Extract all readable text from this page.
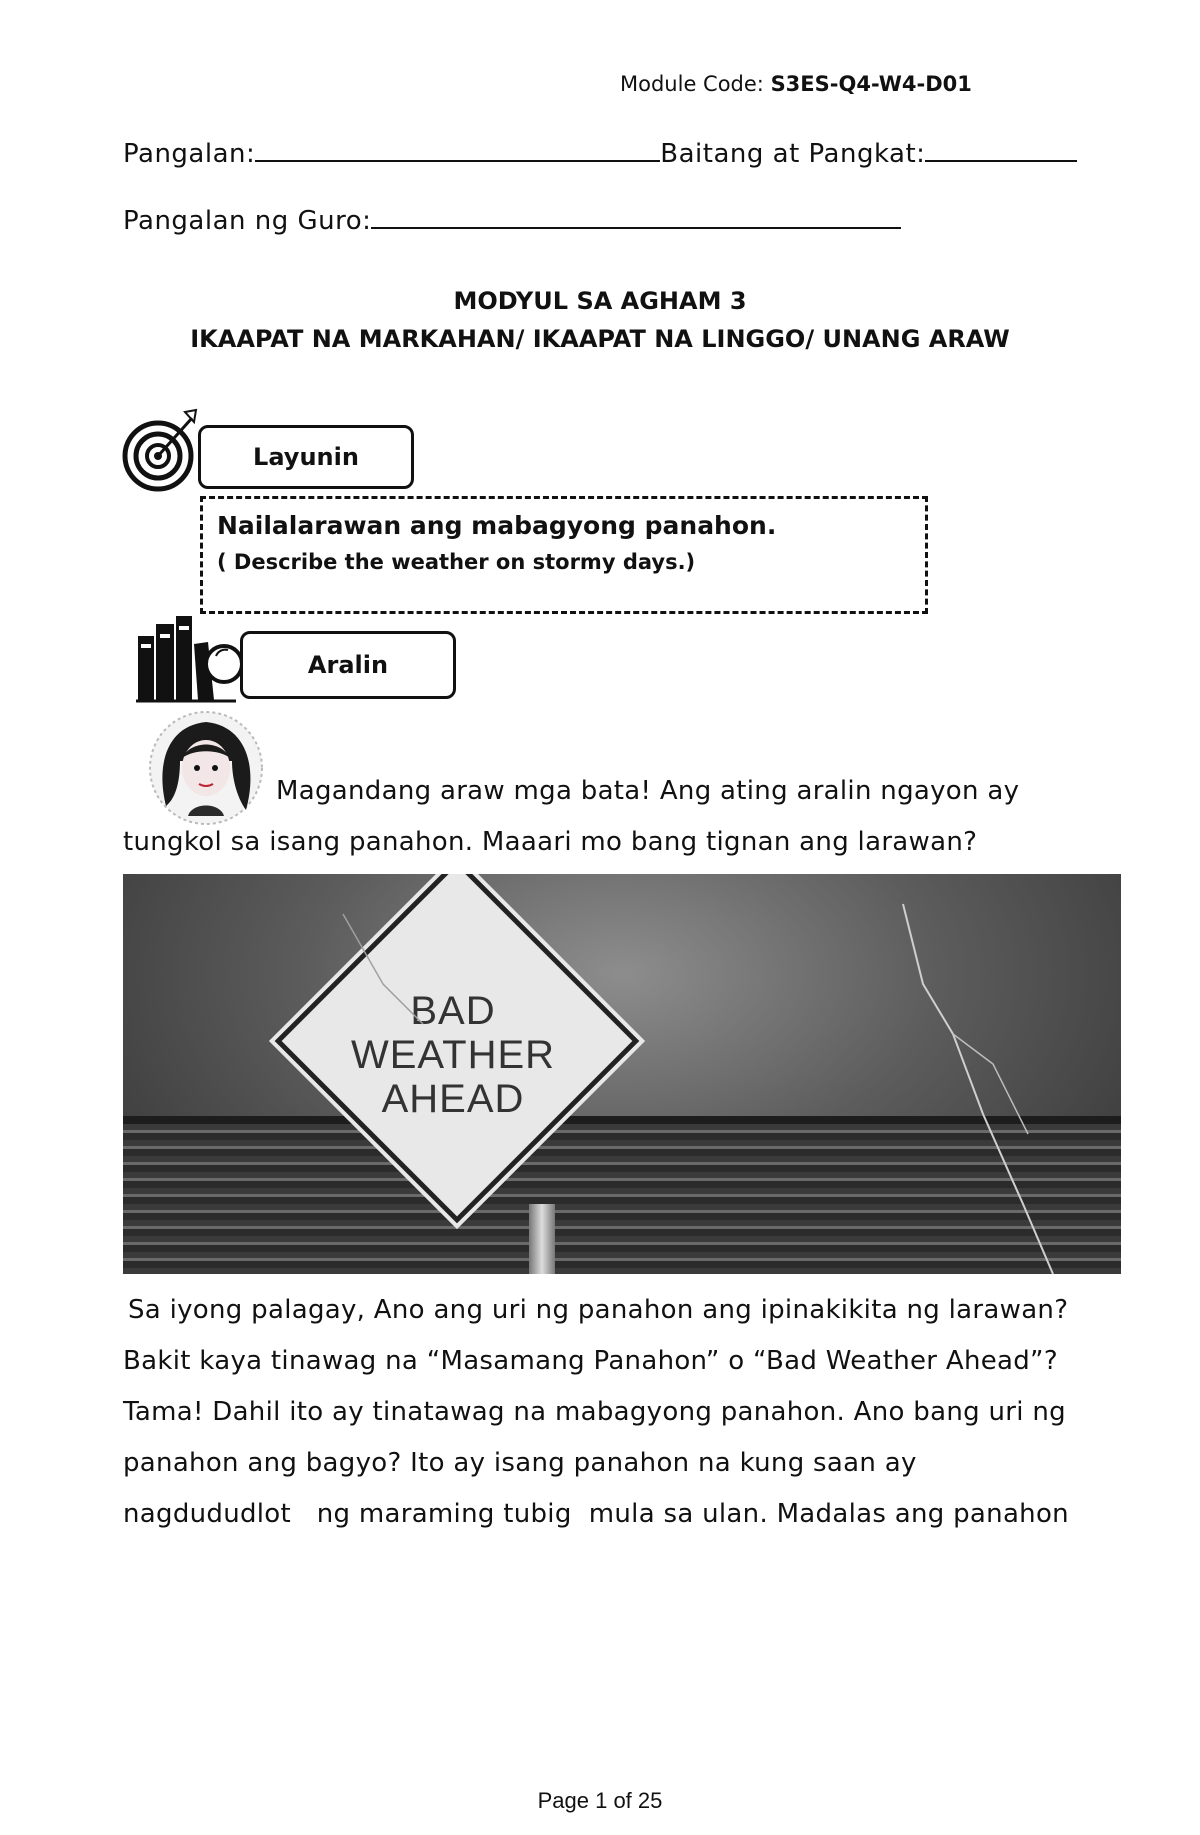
Module Code: S3ES-Q4-W4-D01
Pangalan:	Baitang at Pangkat:
Pangalan ng Guro:
MODYUL SA AGHAM 3
IKAAPAT NA MARKAHAN/ IKAAPAT NA LINGGO/ UNANG ARAW
Layunin
Nailalarawan ang mabagyong panahon.
( Describe the weather on stormy days.)
Aralin
Magandang araw mga bata! Ang ating aralin ngayon ay
tungkol sa isang panahon. Maaari mo bang tignan ang larawan?
BAD
WEATHER
AHEAD
Sa iyong palagay, Ano ang uri ng panahon ang ipinakikita ng larawan?
Bakit kaya tinawag na “Masamang Panahon” o “Bad Weather Ahead”?
Tama! Dahil ito ay tinatawag na mabagyong panahon. Ano bang uri ng
panahon ang bagyo? Ito ay isang panahon na kung saan ay
nagdududlot   ng maraming tubig  mula sa ulan. Madalas ang panahon
Page 1 of 25
